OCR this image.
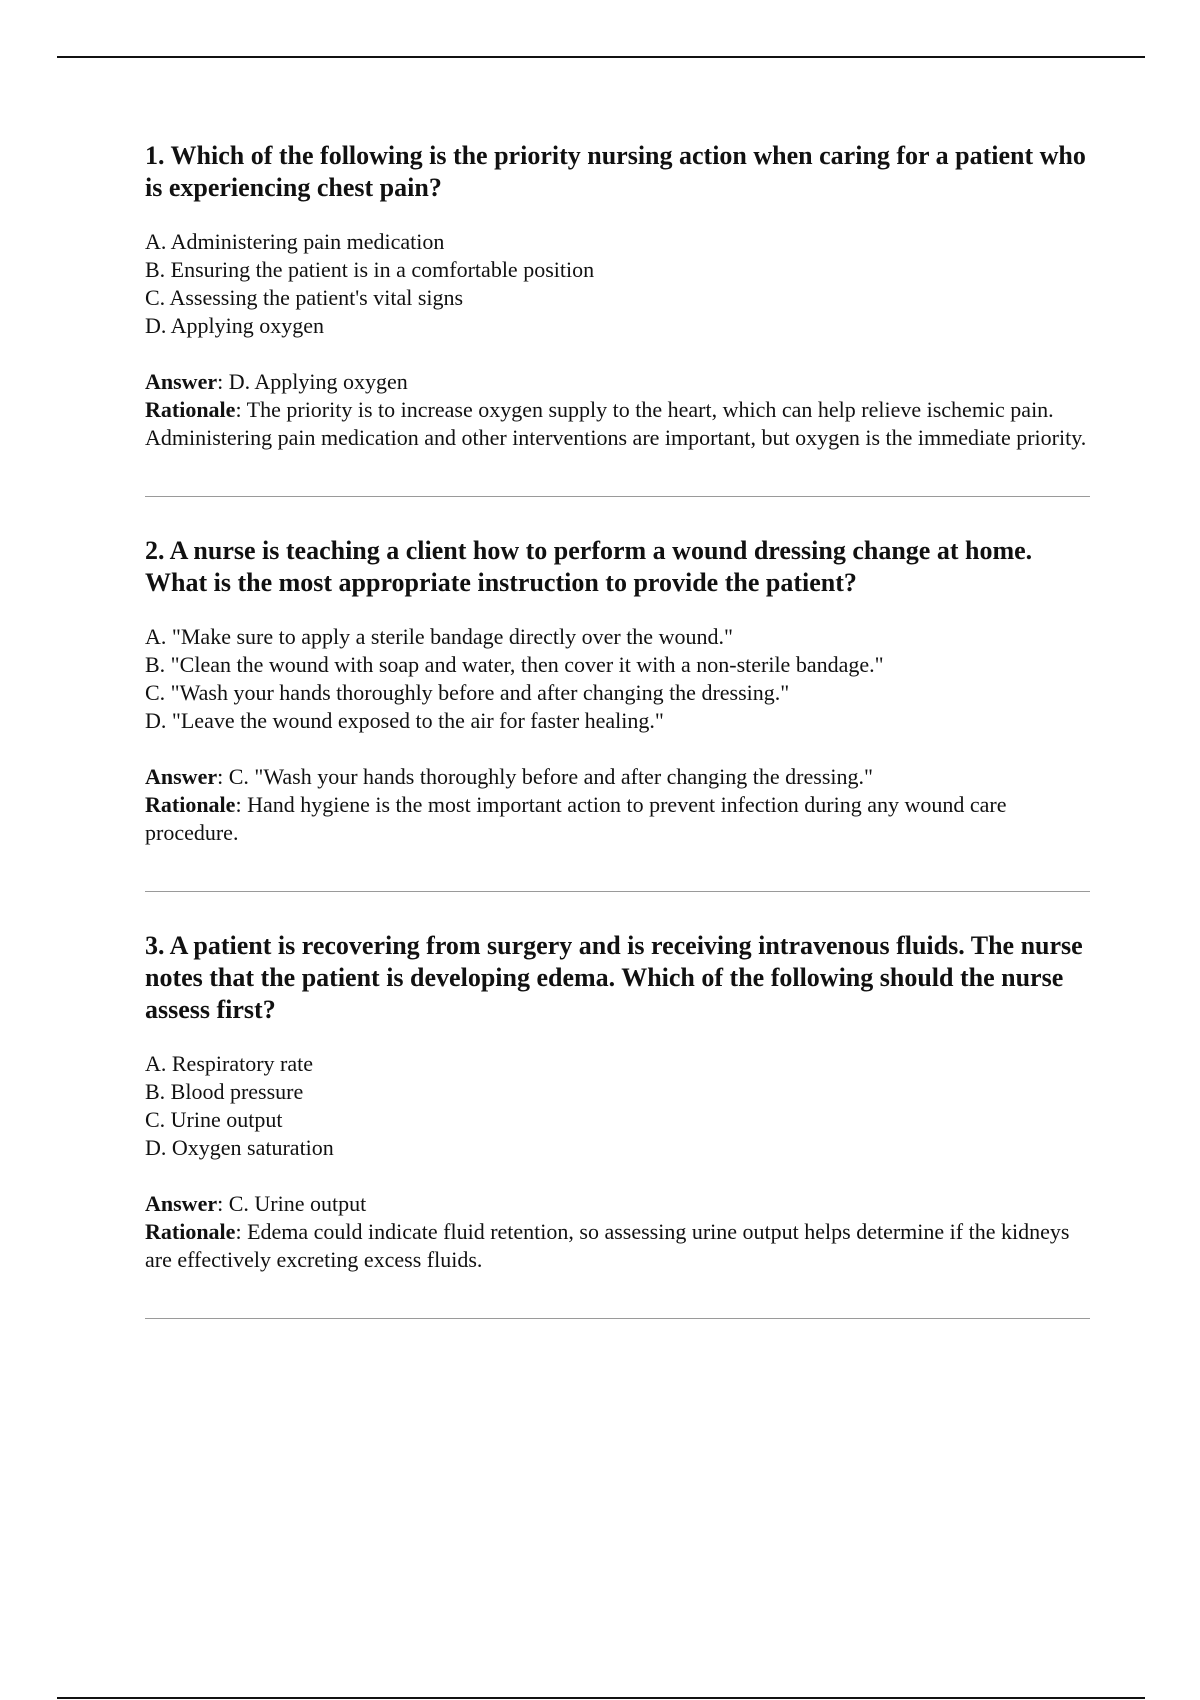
1. Which of the following is the priority nursing action when caring for a patient who is experiencing chest pain?

A. Administering pain medication
B. Ensuring the patient is in a comfortable position
C. Assessing the patient's vital signs
D. Applying oxygen

Answer: D. Applying oxygen

Rationale: The priority is to increase oxygen supply to the heart, which can help relieve ischemic pain. Administering pain medication and other interventions are important, but oxygen is the immediate priority.

2. A nurse is teaching a client how to perform a wound dressing change at home. What is the most appropriate instruction to provide the patient?

A. "Make sure to apply a sterile bandage directly over the wound."
B. "Clean the wound with soap and water, then cover it with a non-sterile bandage."
C. "Wash your hands thoroughly before and after changing the dressing."
D. "Leave the wound exposed to the air for faster healing."

Answer: C. "Wash your hands thoroughly before and after changing the dressing."

Rationale: Hand hygiene is the most important action to prevent infection during any wound care procedure.

3. A patient is recovering from surgery and is receiving intravenous fluids. The nurse notes that the patient is developing edema. Which of the following should the nurse assess first?

A. Respiratory rate
B. Blood pressure
C. Urine output
D. Oxygen saturation

Answer: C. Urine output

Rationale: Edema could indicate fluid retention, so assessing urine output helps determine if the kidneys are effectively excreting excess fluids.
